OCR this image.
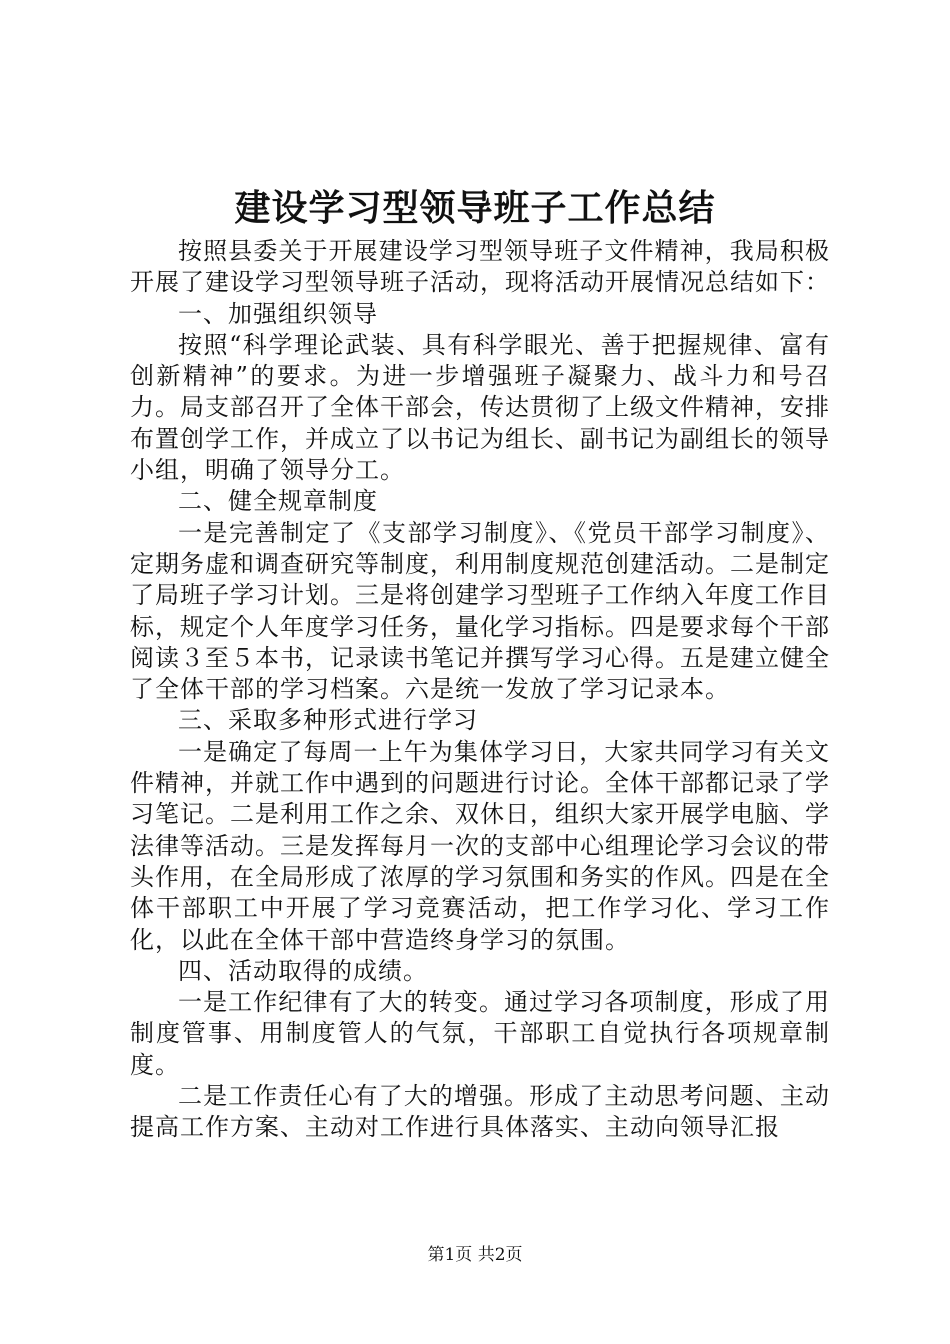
建设学习型领导班子工作总结

按照县委关于开展建设学习型领导班子文件精神，我局积极开展了建设学习型领导班子活动，现将活动开展情况总结如下：

一、加强组织领导

按照“科学理论武装、具有科学眼光、善于把握规律、富有创新精神”的要求。为进一步增强班子凝聚力、战斗力和号召力。局支部召开了全体干部会，传达贯彻了上级文件精神，安排布置创学工作，并成立了以书记为组长、副书记为副组长的领导小组，明确了领导分工。

二、健全规章制度

一是完善制定了《支部学习制度》、《党员干部学习制度》、定期务虚和调查研究等制度，利用制度规范创建活动。二是制定了局班子学习计划。三是将创建学习型班子工作纳入年度工作目标，规定个人年度学习任务，量化学习指标。四是要求每个干部阅读３至５本书，记录读书笔记并撰写学习心得。五是建立健全了全体干部的学习档案。六是统一发放了学习记录本。

三、采取多种形式进行学习

一是确定了每周一上午为集体学习日，大家共同学习有关文件精神，并就工作中遇到的问题进行讨论。全体干部都记录了学习笔记。二是利用工作之余、双休日，组织大家开展学电脑、学法律等活动。三是发挥每月一次的支部中心组理论学习会议的带头作用，在全局形成了浓厚的学习氛围和务实的作风。四是在全体干部职工中开展了学习竞赛活动，把工作学习化、学习工作化，以此在全体干部中营造终身学习的氛围。

四、活动取得的成绩。

一是工作纪律有了大的转变。通过学习各项制度，形成了用制度管事、用制度管人的气氛，干部职工自觉执行各项规章制度。

二是工作责任心有了大的增强。形成了主动思考问题、主动提高工作方案、主动对工作进行具体落实、主动向领导汇报

第1页 共2页
